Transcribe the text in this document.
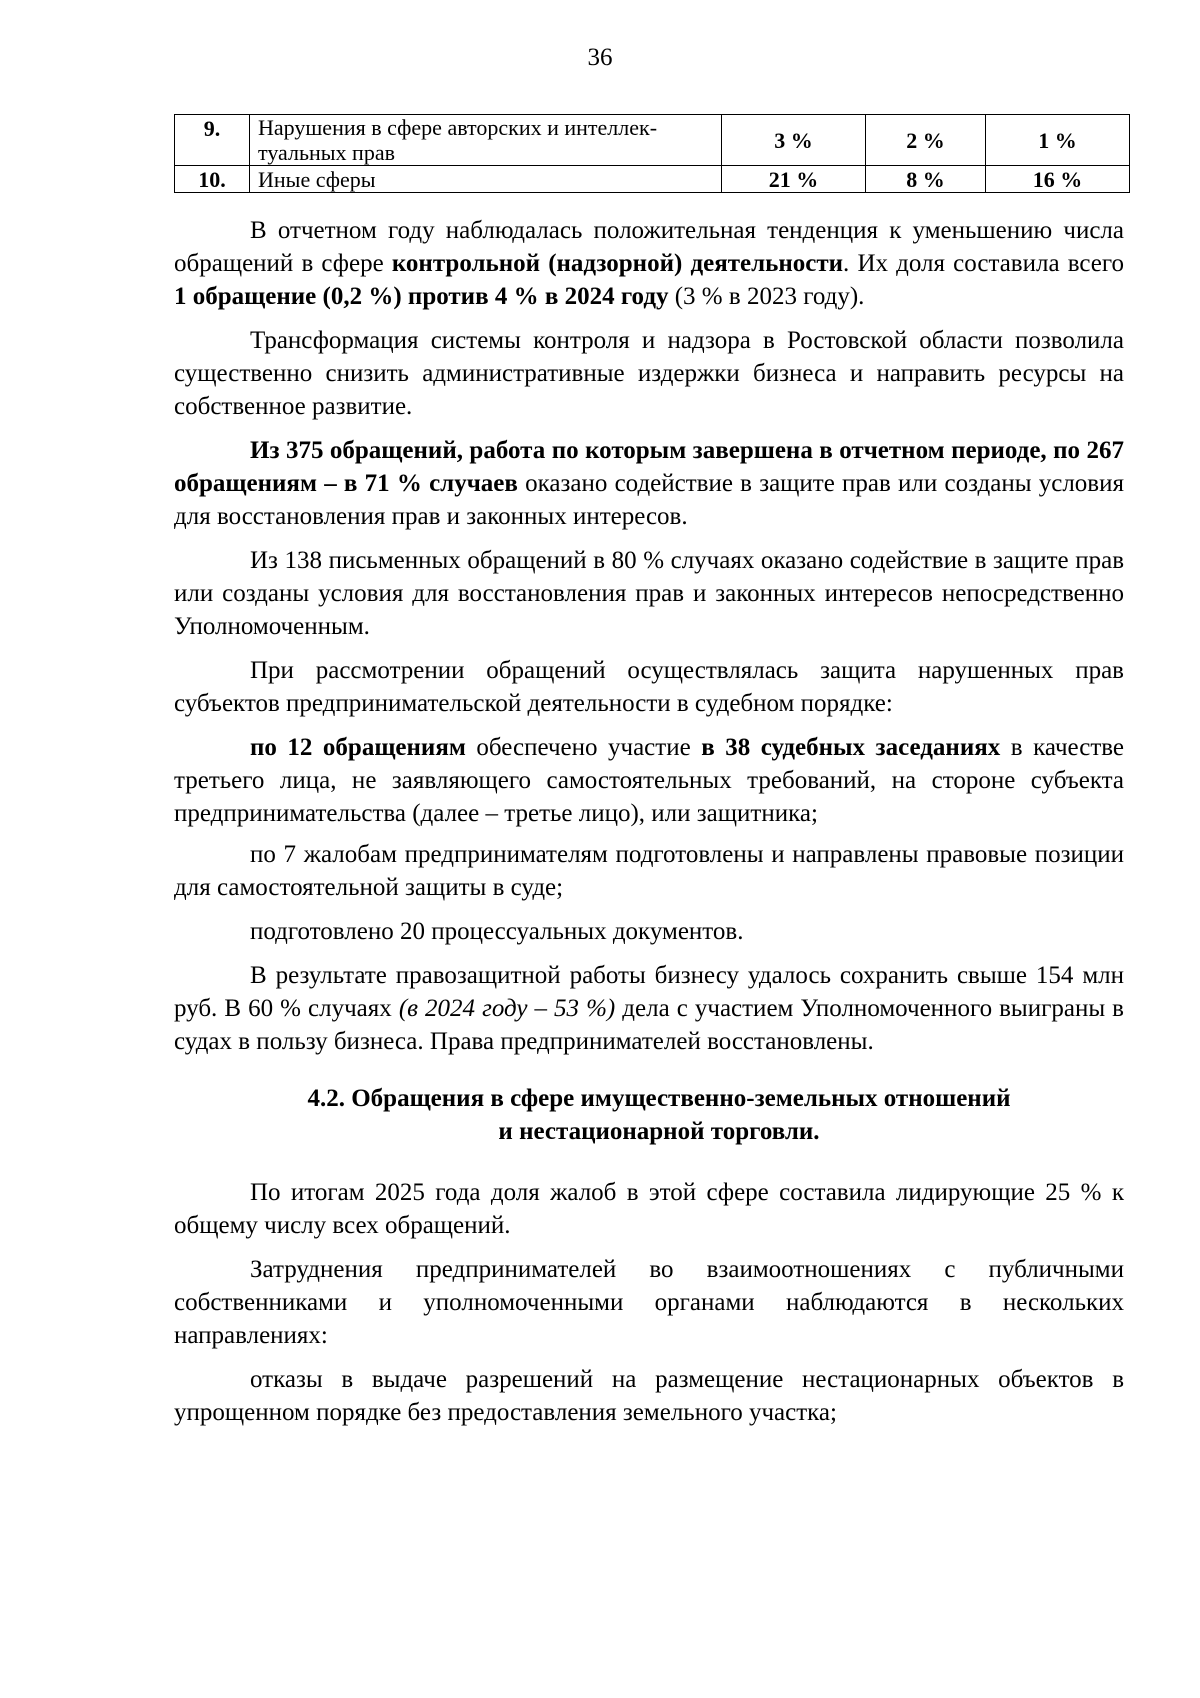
36
9.	Нарушения в сфере авторских и интеллек-туальных прав	3 %	2 %	1 %
10.	Иные сферы	21 %	8 %	16 %

В отчетном году наблюдалась положительная тенденция к уменьшению числа обращений в сфере контрольной (надзорной) деятельности. Их доля составила всего 1 обращение (0,2 %) против 4 % в 2024 году (3 % в 2023 году).

Трансформация системы контроля и надзора в Ростовской области позволила существенно снизить административные издержки бизнеса и направить ресурсы на собственное развитие.

Из 375 обращений, работа по которым завершена в отчетном периоде, по 267 обращениям – в 71 % случаев оказано содействие в защите прав или созданы условия для восстановления прав и законных интересов.

Из 138 письменных обращений в 80 % случаях оказано содействие в защите прав или созданы условия для восстановления прав и законных интересов непосредственно Уполномоченным.

При рассмотрении обращений осуществлялась защита нарушенных прав субъектов предпринимательской деятельности в судебном порядке:

по 12 обращениям обеспечено участие в 38 судебных заседаниях в качестве третьего лица, не заявляющего самостоятельных требований, на стороне субъекта предпринимательства (далее – третье лицо), или защитника;

по 7 жалобам предпринимателям подготовлены и направлены правовые позиции для самостоятельной защиты в суде;

подготовлено 20 процессуальных документов.

В результате правозащитной работы бизнесу удалось сохранить свыше 154 млн руб. В 60 % случаях (в 2024 году – 53 %) дела с участием Уполномоченного выиграны в судах в пользу бизнеса. Права предпринимателей восстановлены.

4.2. Обращения в сфере имущественно-земельных отношений
и нестационарной торговли.

По итогам 2025 года доля жалоб в этой сфере составила лидирующие 25 % к общему числу всех обращений.

Затруднения предпринимателей во взаимоотношениях с публичными собственниками и уполномоченными органами наблюдаются в нескольких направлениях:

отказы в выдаче разрешений на размещение нестационарных объектов в упрощенном порядке без предоставления земельного участка;
